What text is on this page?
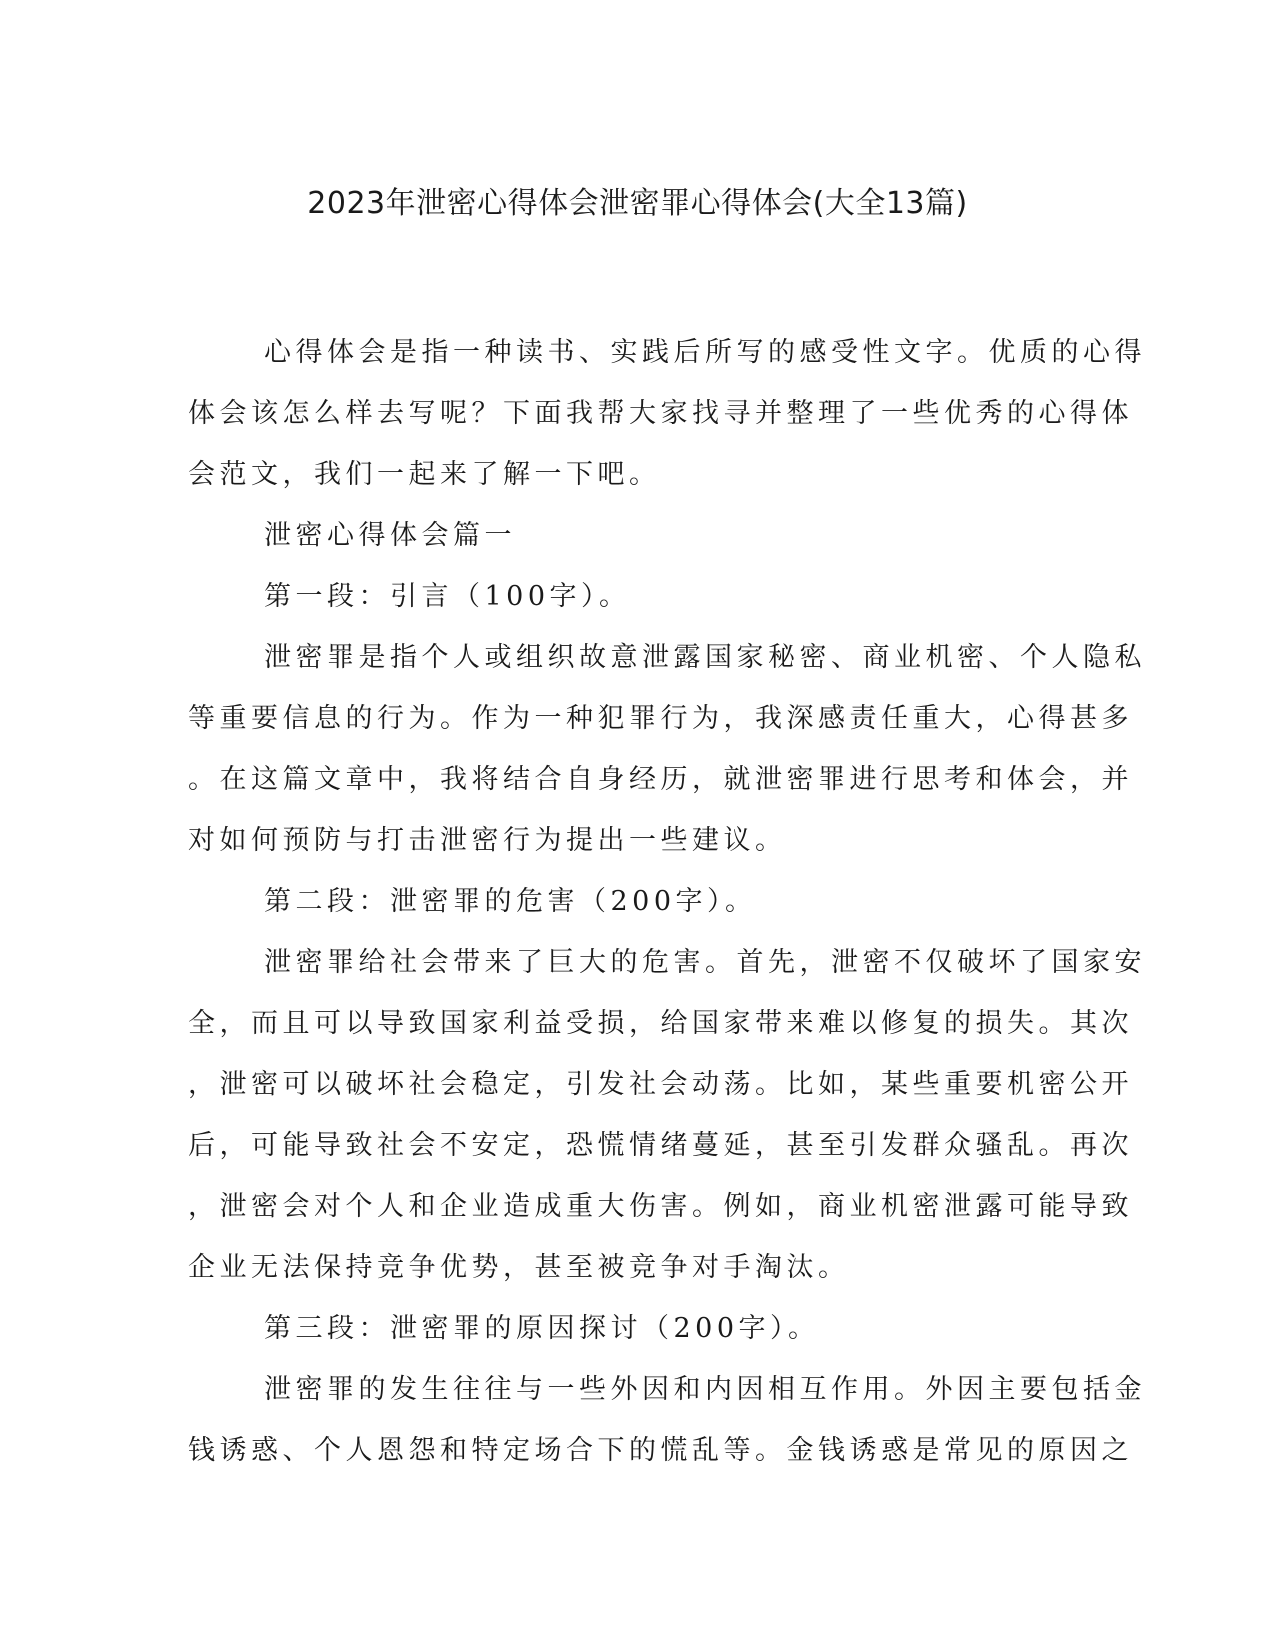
2023年泄密心得体会泄密罪心得体会(大全13篇)
心得体会是指一种读书、实践后所写的感受性文字。优质的心得
体会该怎么样去写呢？下面我帮大家找寻并整理了一些优秀的心得体
会范文，我们一起来了解一下吧。
泄密心得体会篇一
第一段：引言（100字）。
泄密罪是指个人或组织故意泄露国家秘密、商业机密、个人隐私
等重要信息的行为。作为一种犯罪行为，我深感责任重大，心得甚多
。在这篇文章中，我将结合自身经历，就泄密罪进行思考和体会，并
对如何预防与打击泄密行为提出一些建议。
第二段：泄密罪的危害（200字）。
泄密罪给社会带来了巨大的危害。首先，泄密不仅破坏了国家安
全，而且可以导致国家利益受损，给国家带来难以修复的损失。其次
，泄密可以破坏社会稳定，引发社会动荡。比如，某些重要机密公开
后，可能导致社会不安定，恐慌情绪蔓延，甚至引发群众骚乱。再次
，泄密会对个人和企业造成重大伤害。例如，商业机密泄露可能导致
企业无法保持竞争优势，甚至被竞争对手淘汰。
第三段：泄密罪的原因探讨（200字）。
泄密罪的发生往往与一些外因和内因相互作用。外因主要包括金
钱诱惑、个人恩怨和特定场合下的慌乱等。金钱诱惑是常见的原因之
